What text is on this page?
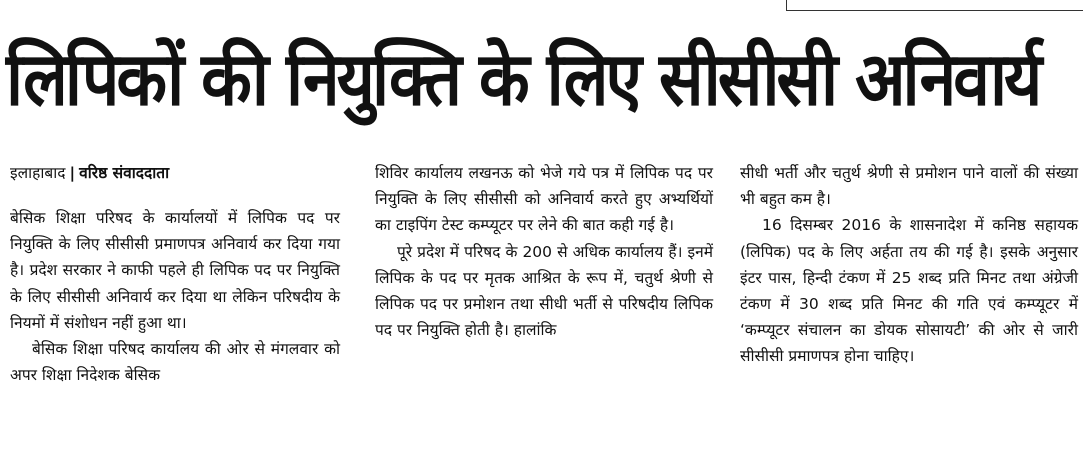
लिपिकों की नियुक्ति के लिए सीसीसी अनिवार्य

इलाहाबाद | वरिष्ठ संवाददाता

बेसिक शिक्षा परिषद के कार्यालयों में लिपिक पद पर नियुक्ति के लिए सीसीसी प्रमाणपत्र अनिवार्य कर दिया गया है। प्रदेश सरकार ने काफी पहले ही लिपिक पद पर नियुक्ति के लिए सीसीसी अनिवार्य कर दिया था लेकिन परिषदीय के नियमों में संशोधन नहीं हुआ था।

बेसिक शिक्षा परिषद कार्यालय की ओर से मंगलवार को अपर शिक्षा निदेशक बेसिक

शिविर कार्यालय लखनऊ को भेजे गये पत्र में लिपिक पद पर नियुक्ति के लिए सीसीसी को अनिवार्य करते हुए अभ्यर्थियों का टाइपिंग टेस्ट कम्प्यूटर पर लेने की बात कही गई है।

पूरे प्रदेश में परिषद के 200 से अधिक कार्यालय हैं। इनमें लिपिक के पद पर मृतक आश्रित के रूप में, चतुर्थ श्रेणी से लिपिक पद पर प्रमोशन तथा सीधी भर्ती से परिषदीय लिपिक पद पर नियुक्ति होती है। हालांकि

सीधी भर्ती और चतुर्थ श्रेणी से प्रमोशन पाने वालों की संख्या भी बहुत कम है।

16 दिसम्बर 2016 के शासनादेश में कनिष्ठ सहायक (लिपिक) पद के लिए अर्हता तय की गई है। इसके अनुसार इंटर पास, हिन्दी टंकण में 25 शब्द प्रति मिनट तथा अंग्रेजी टंकण में 30 शब्द प्रति मिनट की गति एवं कम्प्यूटर में ‘कम्प्यूटर संचालन का डोयक सोसायटी’ की ओर से जारी सीसीसी प्रमाणपत्र होना चाहिए।
